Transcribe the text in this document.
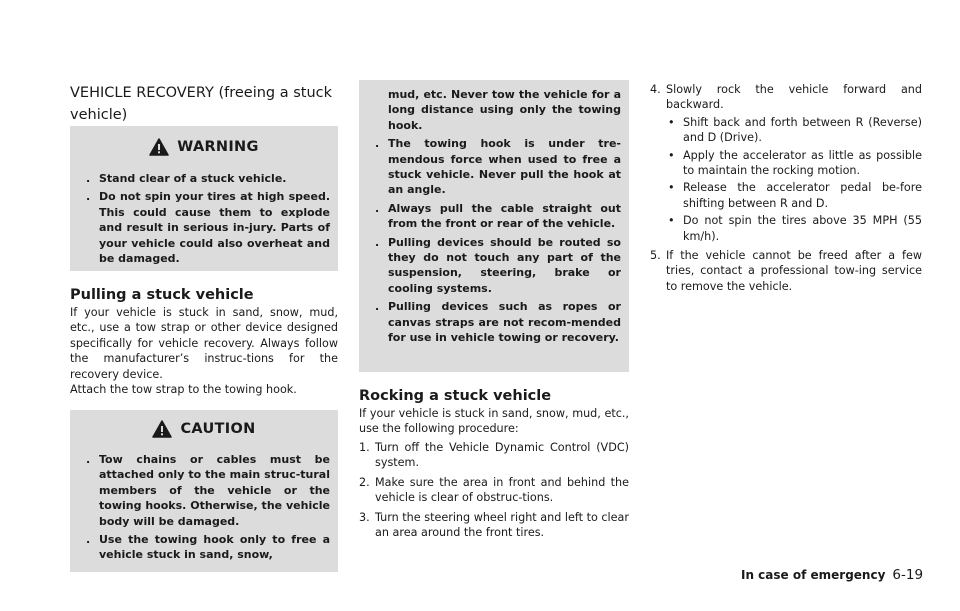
VEHICLE RECOVERY (freeing a stuck vehicle)
WARNING
. Stand clear of a stuck vehicle.
. Do not spin your tires at high speed. This could cause them to explode and result in serious in-jury. Parts of your vehicle could also overheat and be damaged.
Pulling a stuck vehicle

If your vehicle is stuck in sand, snow, mud, etc., use a tow strap or other device designed specifically for vehicle recovery. Always follow the manufacturer’s instruc-tions for the recovery device.

Attach the tow strap to the towing hook.

CAUTION
. Tow chains or cables must be attached only to the main struc-tural members of the vehicle or the towing hooks. Otherwise, the vehicle body will be damaged.
. Use the towing hook only to free a vehicle stuck in sand, snow,
mud, etc. Never tow the vehicle for a long distance using only the towing hook.
. The towing hook is under tre-mendous force when used to free a stuck vehicle. Never pull the hook at an angle.
. Always pull the cable straight out from the front or rear of the vehicle.
. Pulling devices should be routed so they do not touch any part of the suspension, steering, brake or cooling systems.
. Pulling devices such as ropes or canvas straps are not recom-mended for use in vehicle towing or recovery.
Rocking a stuck vehicle

If your vehicle is stuck in sand, snow, mud, etc., use the following procedure:

1. Turn off the Vehicle Dynamic Control (VDC) system.
2. Make sure the area in front and behind the vehicle is clear of obstruc-tions.
3. Turn the steering wheel right and left to clear an area around the front tires.
4. Slowly rock the vehicle forward and backward.
• Shift back and forth between R (Reverse) and D (Drive).
• Apply the accelerator as little as possible to maintain the rocking motion.
• Release the accelerator pedal be-fore shifting between R and D.
• Do not spin the tires above 35 MPH (55 km/h).
5. If the vehicle cannot be freed after a few tries, contact a professional tow-ing service to remove the vehicle.
In case of emergency 6-19
